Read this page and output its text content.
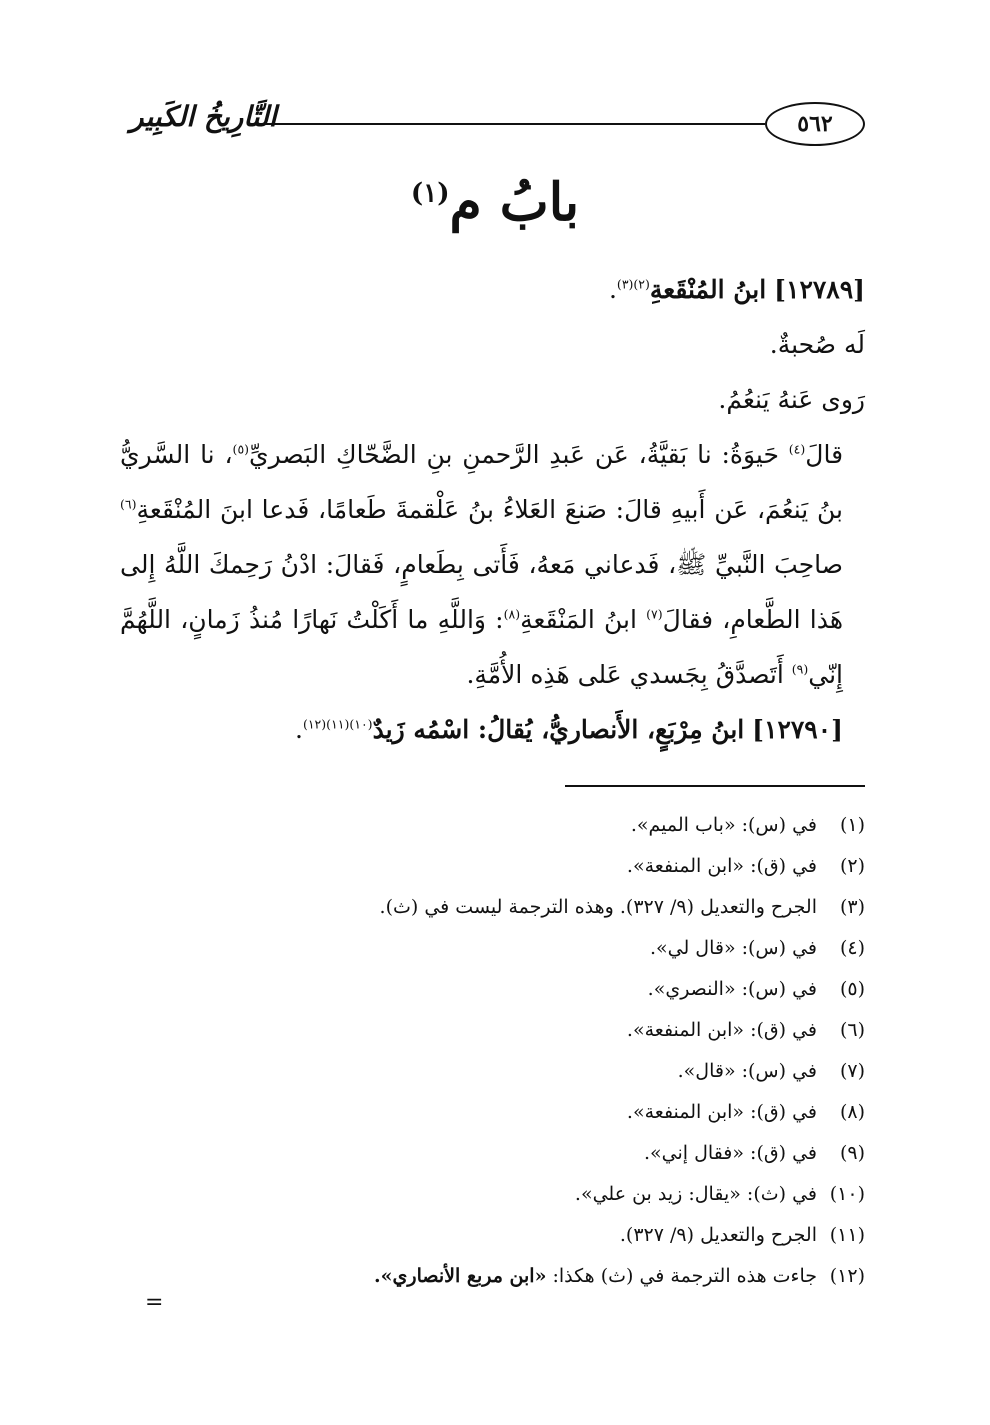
٥٦٢
التَّارِيخُ الكَبِير
بابُ م$^{(١)}$

[١٢٧٨٩] ابنُ المُنْقَعةِ$^{(٢)(٣)}$.

لَه صُحبةٌ.

رَوى عَنهُ يَنعُمُ.

قالَ$^{(٤)}$ حَيوَةُ: نا بَقيَّةُ، عَن عَبدِ الرَّحمنِ بنِ الضَّحّاكِ البَصريِّ$^{(٥)}$، نا السَّريُّ بنُ يَنعُمَ، عَن أَبيهِ قالَ: صَنعَ العَلاءُ بنُ عَلْقمةَ طَعامًا، فَدعا ابنَ المُنْقَعةِ$^{(٦)}$ صاحِبَ النَّبيِّ ﷺ، فَدعاني مَعهُ، فَأَتى بِطَعامٍ، فَقالَ: ادْنُ رَحِمكَ اللَّهُ إِلى هَذا الطَّعامِ، فقالَ$^{(٧)}$ ابنُ المَنْقَعةِ$^{(٨)}$: وَاللَّهِ ما أَكَلْتُ نَهارًا مُنذُ زَمانٍ، اللَّهُمَّ إِنّي$^{(٩)}$ أَتَصدَّقُ بِجَسدي عَلى هَذِه الأُمَّةِ.

[١٢٧٩٠] ابنُ مِرْبَعٍ، الأَنصاريُّ، يُقالُ: اسْمُه زَيدٌ$^{(١٠)(١١)(١٢)}$.

(١)في (س): «باب الميم».
(٢)في (ق): «ابن المنفعة».
(٣)الجرح والتعديل (٩/ ٣٢٧). وهذه الترجمة ليست في (ث).
(٤)في (س): «قال لي».
(٥)في (س): «النصري».
(٦)في (ق): «ابن المنفعة».
(٧)في (س): «قال».
(٨)في (ق): «ابن المنفعة».
(٩)في (ق): «فقال إني».
(١٠)في (ث): «يقال: زيد بن علي».
(١١)الجرح والتعديل (٩/ ٣٢٧).
(١٢)جاءت هذه الترجمة في (ث) هكذا: «ابن مربع الأنصاري».
=
